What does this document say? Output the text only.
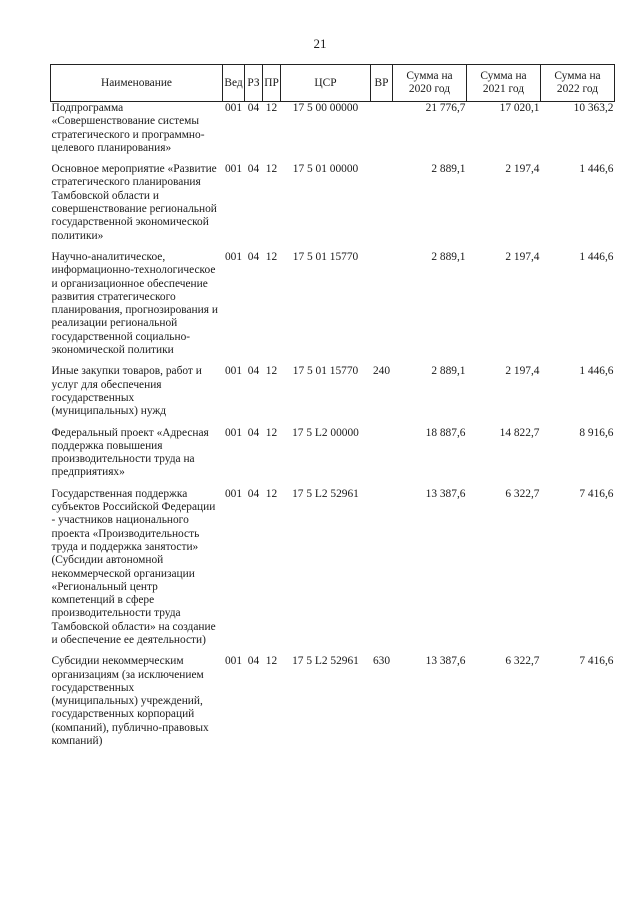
21
Наименование	Вед	РЗ	ПР	ЦСР	ВР	Сумма на 2020 год	Сумма на 2021 год	Сумма на 2022 год
Подпрограмма «Совершенствование системы стратегического и программно-целевого планирования»	001	04	12	17 5 00 00000		21 776,7	17 020,1	10 363,2
Основное мероприятие «Развитие стратегического планирования Тамбовской области и совершенствование региональной государственной экономической политики»	001	04	12	17 5 01 00000		2 889,1	2 197,4	1 446,6
Научно-аналитическое, информационно-технологическое и организационное обеспечение развития стратегического планирования, прогнозирования и реализации региональной государственной социально-экономической политики	001	04	12	17 5 01 15770		2 889,1	2 197,4	1 446,6
Иные закупки товаров, работ и услуг для обеспечения государственных (муниципальных) нужд	001	04	12	17 5 01 15770	240	2 889,1	2 197,4	1 446,6
Федеральный проект «Адресная поддержка повышения производительности труда на предприятиях»	001	04	12	17 5 L2 00000		18 887,6	14 822,7	8 916,6
Государственная поддержка субъектов Российской Федерации - участников национального проекта «Производительность труда и поддержка занятости» (Субсидии автономной некоммерческой организации «Региональный центр компетенций в сфере производительности труда Тамбовской области» на создание и обеспечение ее деятельности)	001	04	12	17 5 L2 52961		13 387,6	6 322,7	7 416,6
Субсидии некоммерческим организациям (за исключением государственных (муниципальных) учреждений, государственных корпораций (компаний), публично-правовых компаний)	001	04	12	17 5 L2 52961	630	13 387,6	6 322,7	7 416,6
